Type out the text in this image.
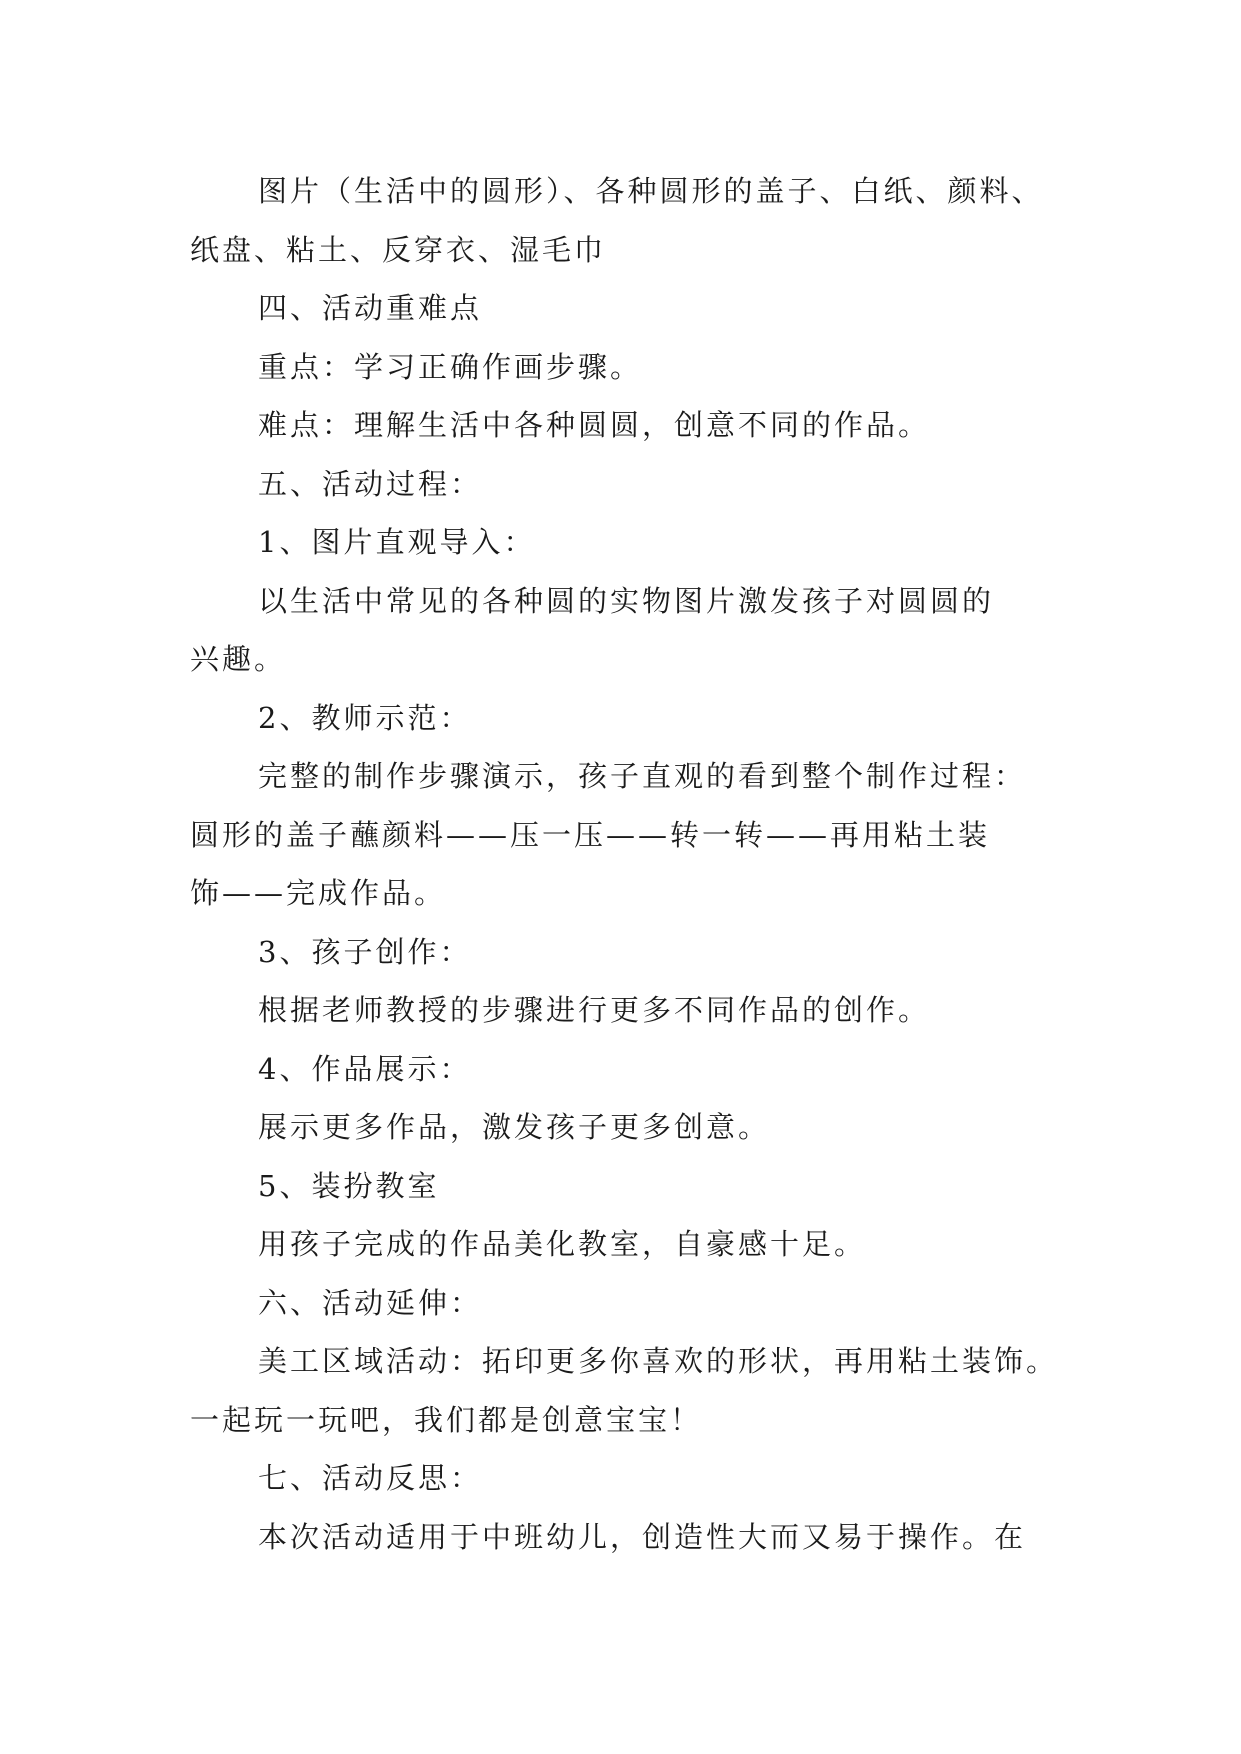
图片（生活中的圆形）、各种圆形的盖子、白纸、颜料、

纸盘、粘土、反穿衣、湿毛巾

四、活动重难点

重点：学习正确作画步骤。

难点：理解生活中各种圆圆，创意不同的作品。

五、活动过程：

1、图片直观导入：

以生活中常见的各种圆的实物图片激发孩子对圆圆的

兴趣。

2、教师示范：

完整的制作步骤演示，孩子直观的看到整个制作过程：

圆形的盖子蘸颜料——压一压——转一转——再用粘土装

饰——完成作品。

3、孩子创作：

根据老师教授的步骤进行更多不同作品的创作。

4、作品展示：

展示更多作品，激发孩子更多创意。

5、装扮教室

用孩子完成的作品美化教室，自豪感十足。

六、活动延伸：

美工区域活动：拓印更多你喜欢的形状，再用粘土装饰。

一起玩一玩吧，我们都是创意宝宝！

七、活动反思：

本次活动适用于中班幼儿，创造性大而又易于操作。在
